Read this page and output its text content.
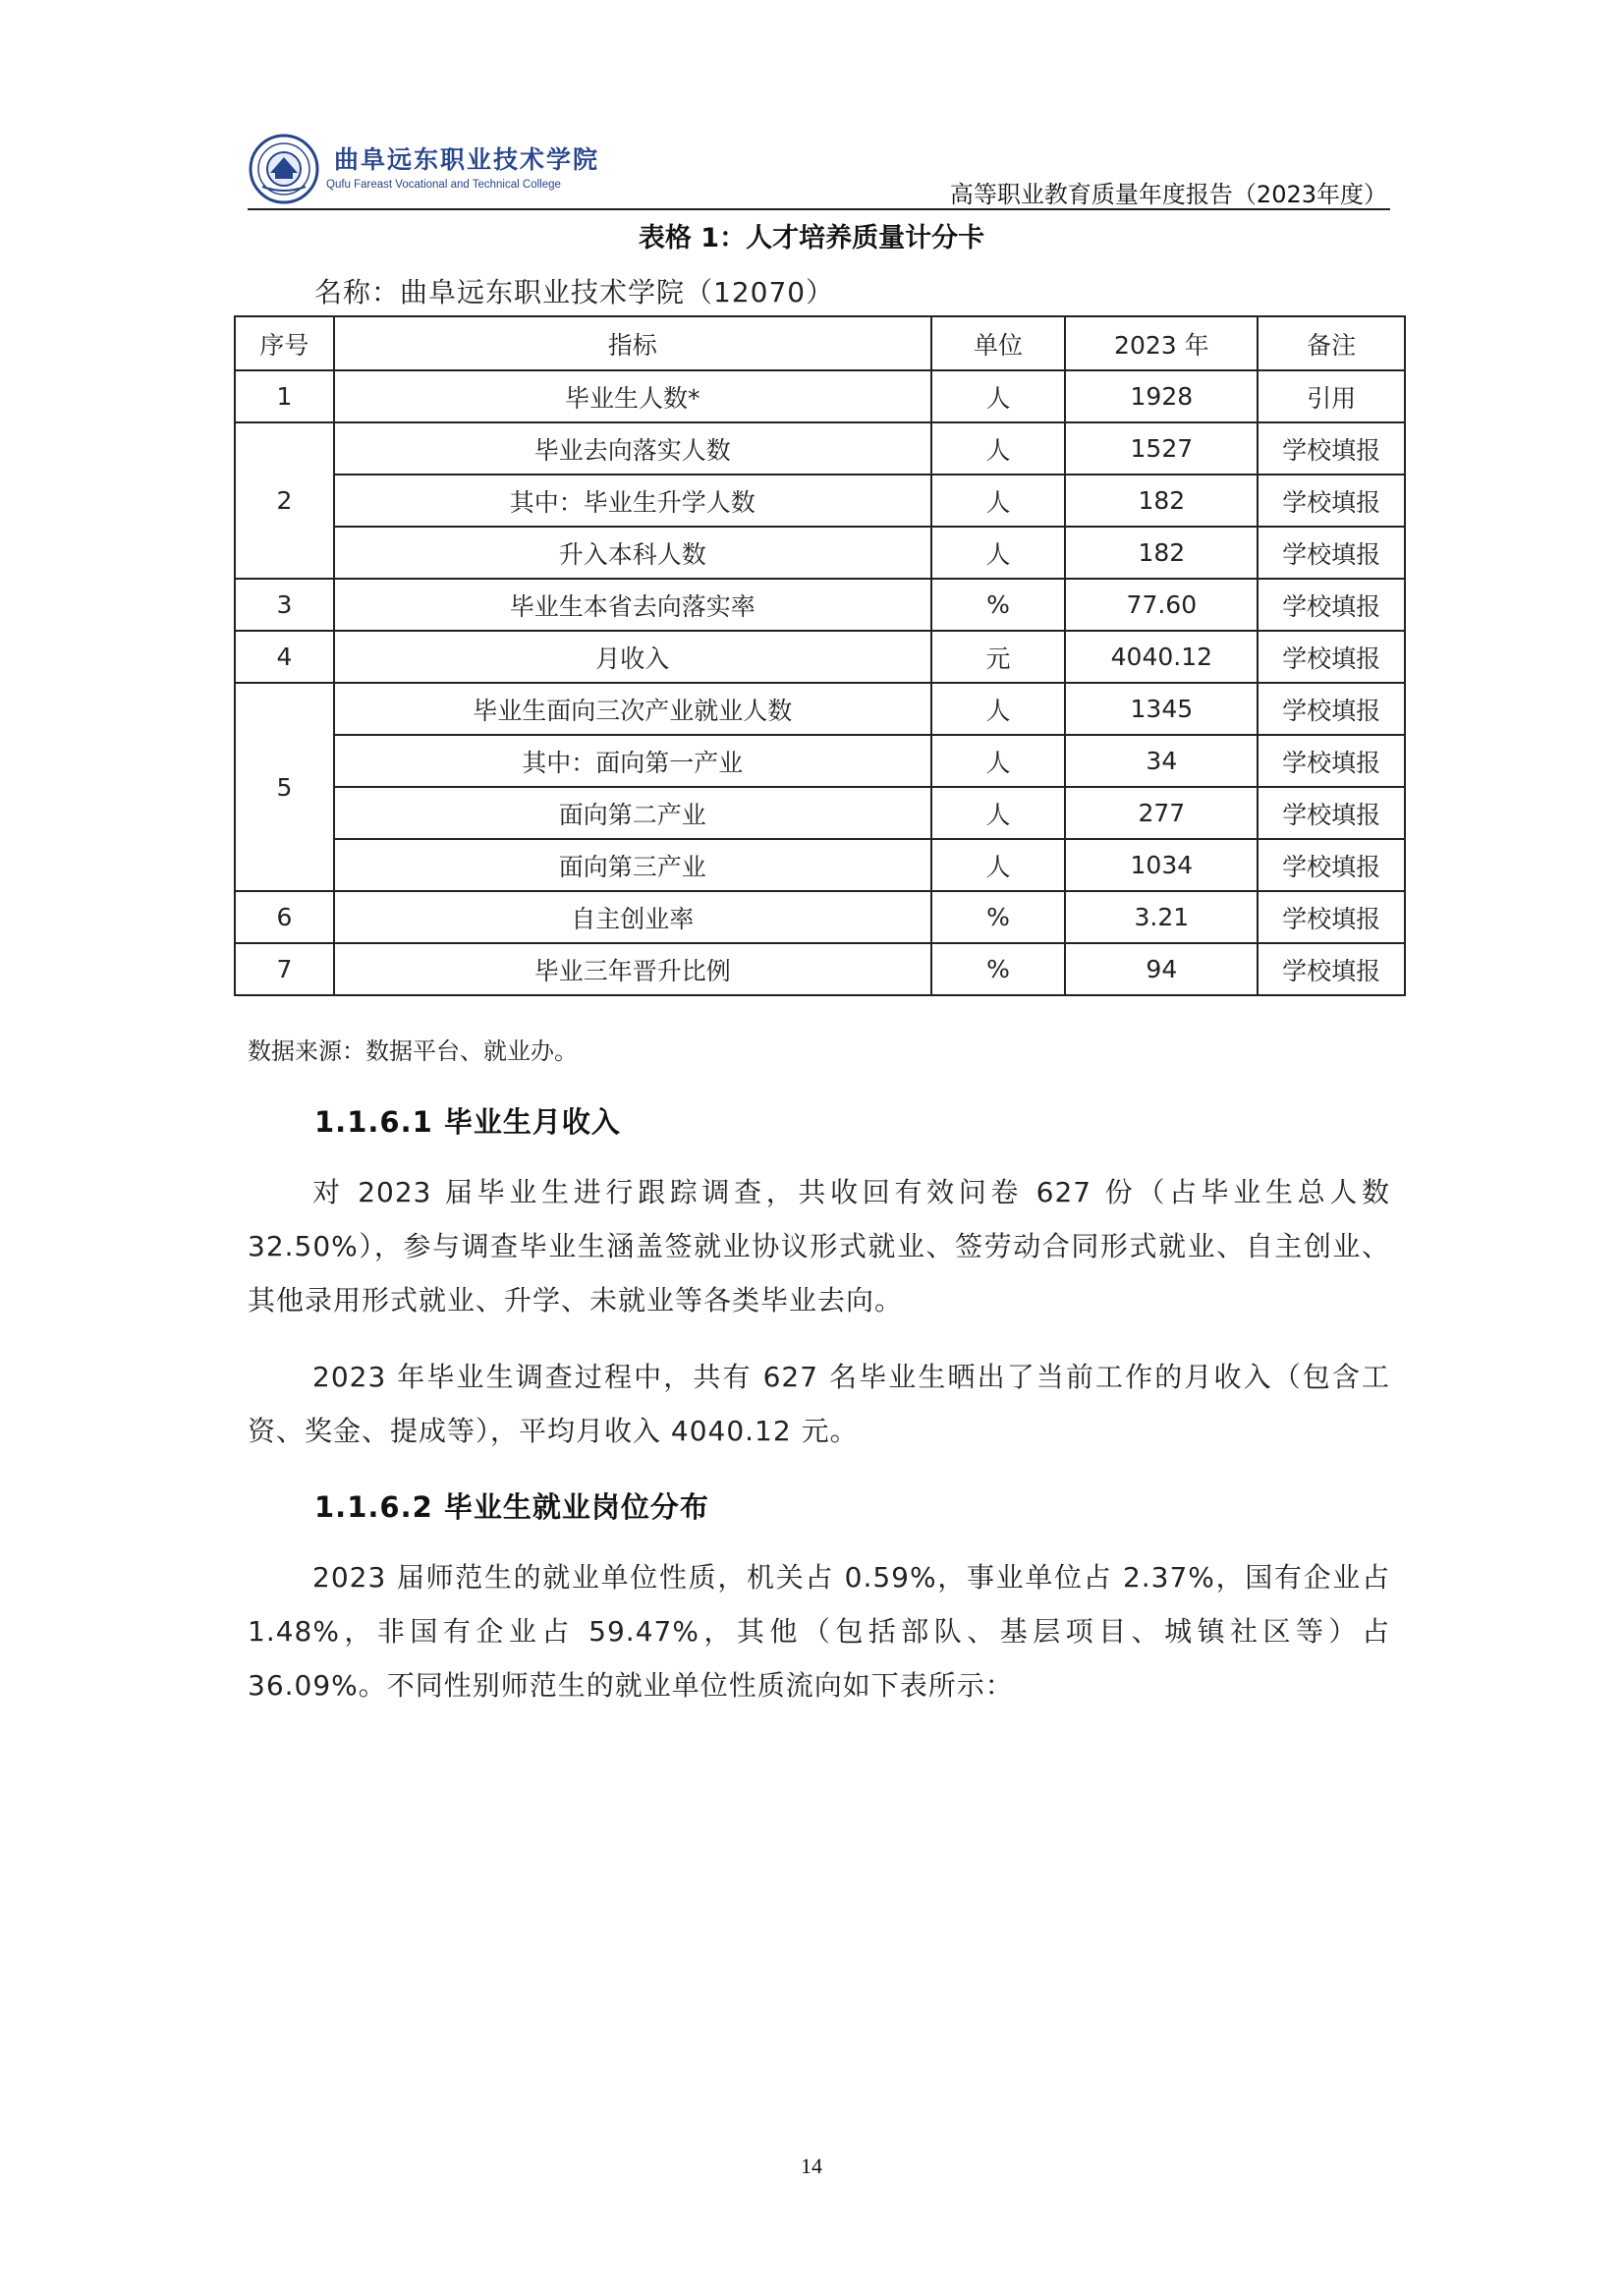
曲阜远东职业技术学院
Qufu Fareast Vocational and Technical College	高等职业教育质量年度报告（2023年度）
表格 1：人才培养质量计分卡
名称：曲阜远东职业技术学院（12070）
序号	指标	单位	2023 年	备注
1	毕业生人数*	人	1928	引用
2	毕业去向落实人数	人	1527	学校填报
	其中：毕业生升学人数	人	182	学校填报
	升入本科人数	人	182	学校填报
3	毕业生本省去向落实率	%	77.60	学校填报
4	月收入	元	4040.12	学校填报
5	毕业生面向三次产业就业人数	人	1345	学校填报
	其中：面向第一产业	人	34	学校填报
	面向第二产业	人	277	学校填报
	面向第三产业	人	1034	学校填报
6	自主创业率	%	3.21	学校填报
7	毕业三年晋升比例	%	94	学校填报
数据来源：数据平台、就业办。
1.1.6.1 毕业生月收入

对 2023 届毕业生进行跟踪调查，共收回有效问卷 627 份（占毕业生总人数 32.50%），参与调查毕业生涵盖签就业协议形式就业、签劳动合同形式就业、自主创业、其他录用形式就业、升学、未就业等各类毕业去向。

2023 年毕业生调查过程中，共有 627 名毕业生晒出了当前工作的月收入（包含工资、奖金、提成等），平均月收入 4040.12 元。

1.1.6.2 毕业生就业岗位分布

2023 届师范生的就业单位性质，机关占 0.59%，事业单位占 2.37%，国有企业占 1.48%，非国有企业占 59.47%，其他（包括部队、基层项目、城镇社区等）占 36.09%。不同性别师范生的就业单位性质流向如下表所示：

14
